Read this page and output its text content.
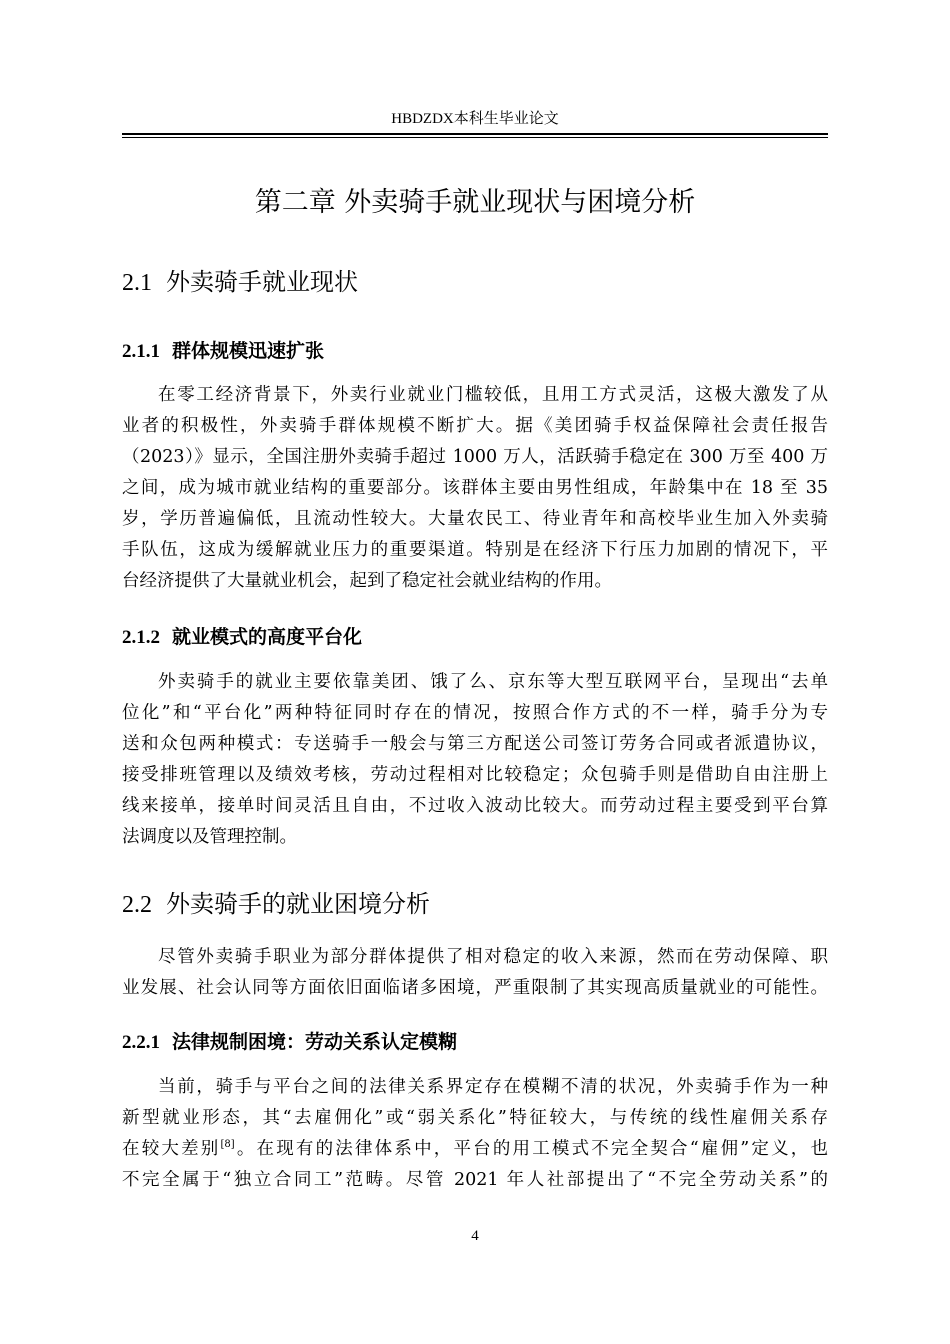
HBDZDX本科生毕业论文
第二章 外卖骑手就业现状与困境分析
2.1 外卖骑手就业现状
2.1.1 群体规模迅速扩张
在零工经济背景下，外卖行业就业门槛较低，且用工方式灵活，这极大激发了从
业者的积极性，外卖骑手群体规模不断扩大。据《美团骑手权益保障社会责任报告
（2023）》显示，全国注册外卖骑手超过 1000 万人，活跃骑手稳定在 300 万至 400 万
之间，成为城市就业结构的重要部分。该群体主要由男性组成，年龄集中在 18 至 35
岁，学历普遍偏低，且流动性较大。大量农民工、待业青年和高校毕业生加入外卖骑
手队伍，这成为缓解就业压力的重要渠道。特别是在经济下行压力加剧的情况下，平
台经济提供了大量就业机会，起到了稳定社会就业结构的作用。
2.1.2 就业模式的高度平台化
外卖骑手的就业主要依靠美团、饿了么、京东等大型互联网平台，呈现出“去单
位化”和“平台化”两种特征同时存在的情况，按照合作方式的不一样，骑手分为专
送和众包两种模式：专送骑手一般会与第三方配送公司签订劳务合同或者派遣协议，
接受排班管理以及绩效考核，劳动过程相对比较稳定；众包骑手则是借助自由注册上
线来接单，接单时间灵活且自由，不过收入波动比较大。而劳动过程主要受到平台算
法调度以及管理控制。
2.2 外卖骑手的就业困境分析
尽管外卖骑手职业为部分群体提供了相对稳定的收入来源，然而在劳动保障、职
业发展、社会认同等方面依旧面临诸多困境，严重限制了其实现高质量就业的可能性。
2.2.1 法律规制困境：劳动关系认定模糊
当前，骑手与平台之间的法律关系界定存在模糊不清的状况，外卖骑手作为一种
新型就业形态，其“去雇佣化”或“弱关系化”特征较大，与传统的线性雇佣关系存
在较大差别[8]。在现有的法律体系中，平台的用工模式不完全契合“雇佣”定义，也
不完全属于“独立合同工”范畴。尽管 2021 年人社部提出了“不完全劳动关系”的
4
